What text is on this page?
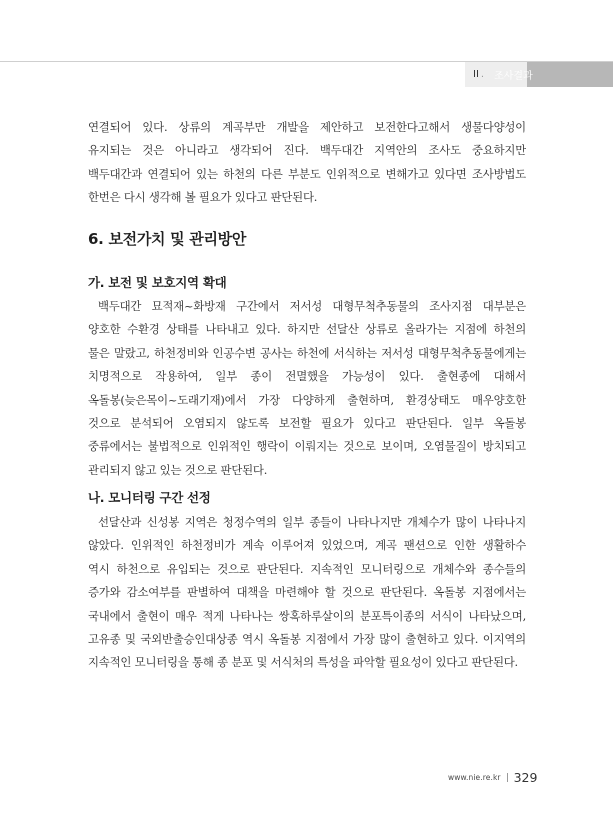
II . 조사결과
연결되어 있다. 상류의 계곡부만 개발을 제안하고 보전한다고해서 생물다양성이
유지되는 것은 아니라고 생각되어 진다. 백두대간 지역안의 조사도 중요하지만
백두대간과 연결되어 있는 하천의 다른 부분도 인위적으로 변해가고 있다면 조사방법도
한번은 다시 생각해 볼 필요가 있다고 판단된다.
6. 보전가치 및 관리방안
가. 보전 및 보호지역 확대
백두대간 묘적재~화방재 구간에서 저서성 대형무척추동물의 조사지점 대부분은
양호한 수환경 상태를 나타내고 있다. 하지만 선달산 상류로 올라가는 지점에 하천의
물은 말랐고, 하천정비와 인공수변 공사는 하천에 서식하는 저서성 대형무척추동물에게는
치명적으로 작용하여, 일부 종이 전멸했을 가능성이 있다. 출현종에 대해서
옥돌봉(늦은목이~도래기재)에서 가장 다양하게 출현하며, 환경상태도 매우양호한
것으로 분석되어 오염되지 않도록 보전할 필요가 있다고 판단된다. 일부 옥돌봉
중류에서는 불법적으로 인위적인 행락이 이뤄지는 것으로 보이며, 오염물질이 방치되고
관리되지 않고 있는 것으로 판단된다.
나. 모니터링 구간 선정
선달산과 신성봉 지역은 청정수역의 일부 종들이 나타나지만 개체수가 많이 나타나지
않았다. 인위적인 하천정비가 계속 이루어져 있었으며, 계곡 팬션으로 인한 생활하수
역시 하천으로 유입되는 것으로 판단된다. 지속적인 모니터링으로 개체수와 종수들의
증가와 감소여부를 판별하여 대책을 마련해야 할 것으로 판단된다. 옥돌봉 지점에서는
국내에서 출현이 매우 적게 나타나는 쌍혹하루살이의 분포특이종의 서식이 나타났으며,
고유종 및 국외반출승인대상종 역시 옥돌봉 지점에서 가장 많이 출현하고 있다. 이지역의
지속적인 모니터링을 통해 종 분포 및 서식처의 특성을 파악할 필요성이 있다고 판단된다.
www.nie.re.kr 329
